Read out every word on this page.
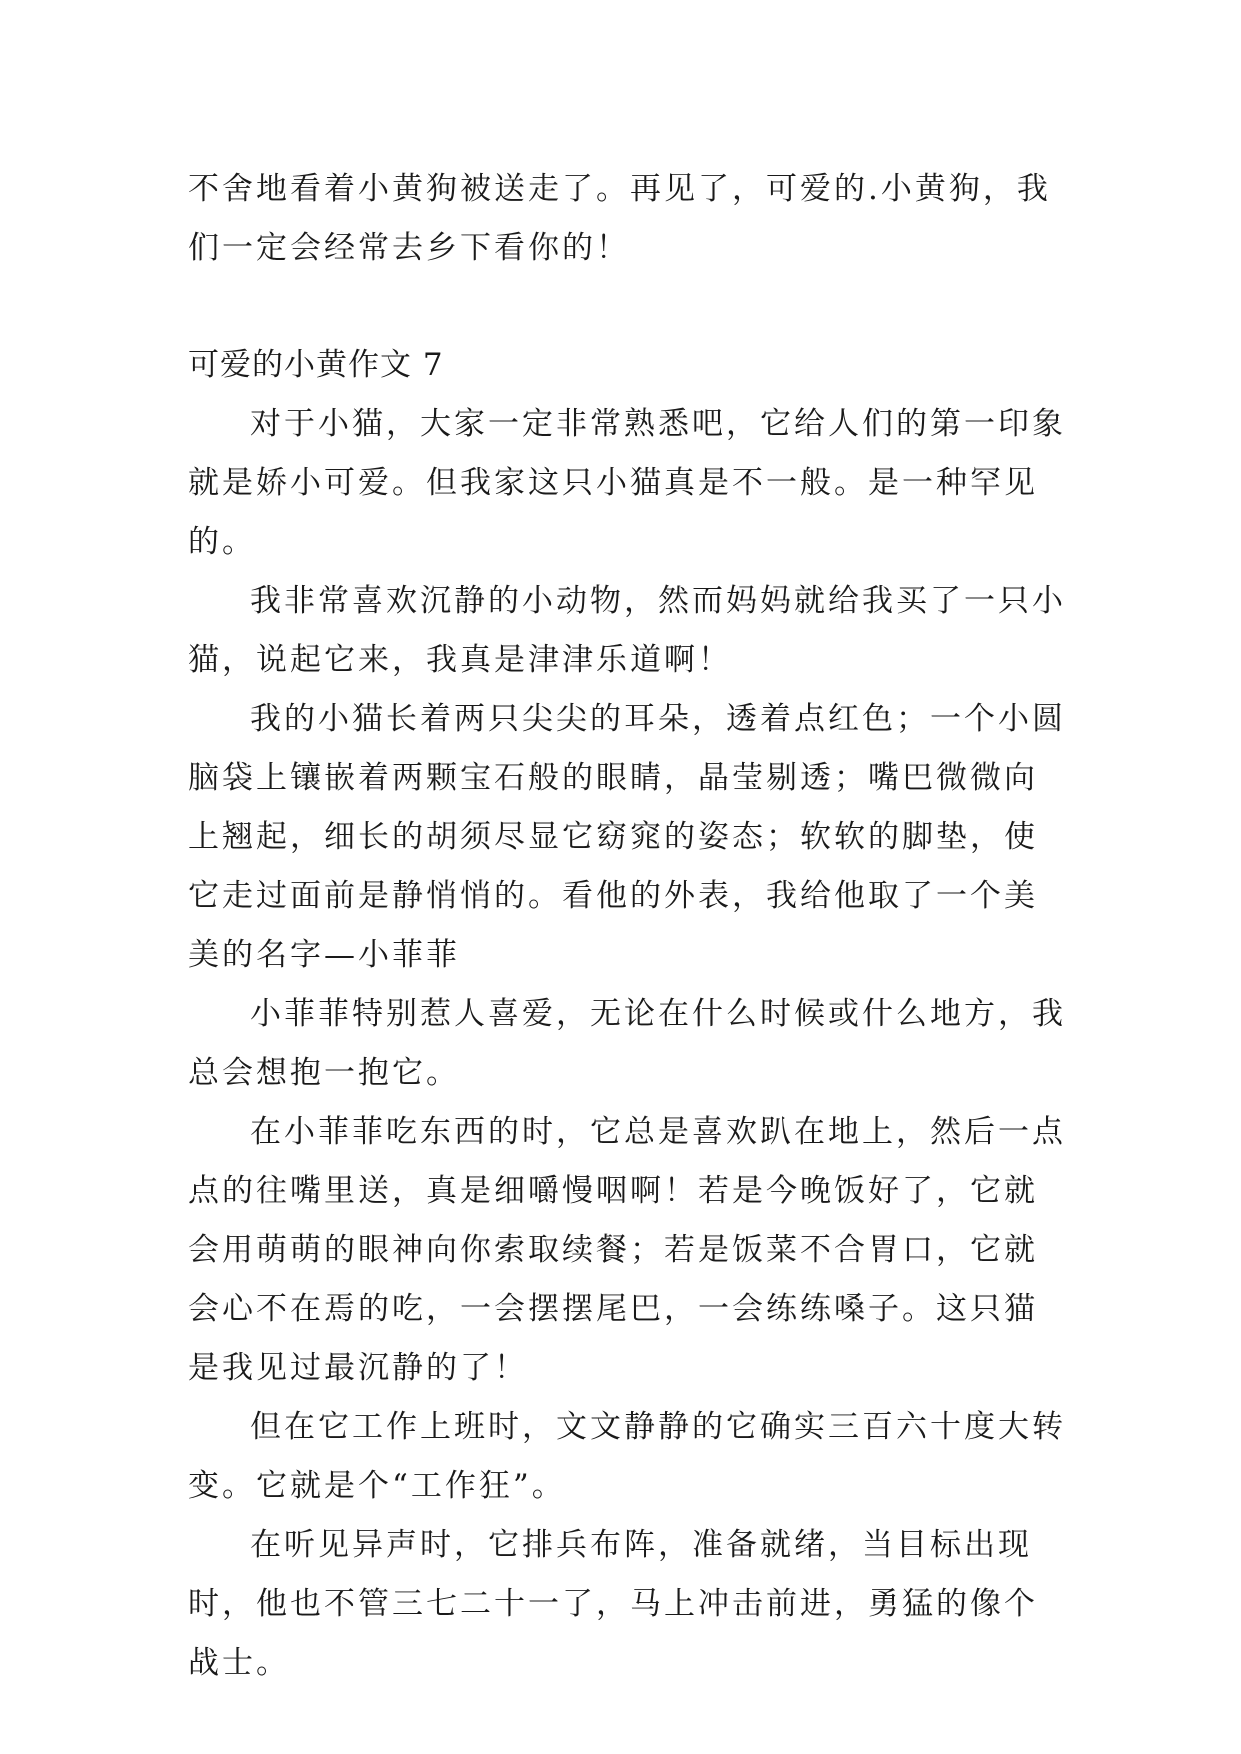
不舍地看着小黄狗被送走了。再见了，可爱的.小黄狗，我们一定会经常去乡下看你的！

可爱的小黄作文 7

对于小猫，大家一定非常熟悉吧，它给人们的第一印象就是娇小可爱。但我家这只小猫真是不一般。是一种罕见的。

我非常喜欢沉静的小动物，然而妈妈就给我买了一只小猫，说起它来，我真是津津乐道啊！

我的小猫长着两只尖尖的耳朵，透着点红色；一个小圆脑袋上镶嵌着两颗宝石般的眼睛，晶莹剔透；嘴巴微微向上翘起，细长的胡须尽显它窈窕的姿态；软软的脚垫，使它走过面前是静悄悄的。看他的外表，我给他取了一个美美的名字—小菲菲

小菲菲特别惹人喜爱，无论在什么时候或什么地方，我总会想抱一抱它。

在小菲菲吃东西的时，它总是喜欢趴在地上，然后一点点的往嘴里送，真是细嚼慢咽啊！若是今晚饭好了，它就会用萌萌的眼神向你索取续餐；若是饭菜不合胃口，它就会心不在焉的吃，一会摆摆尾巴，一会练练嗓子。这只猫是我见过最沉静的了！

但在它工作上班时，文文静静的它确实三百六十度大转变。它就是个“工作狂”。

在听见异声时，它排兵布阵，准备就绪，当目标出现时，他也不管三七二十一了，马上冲击前进，勇猛的像个战士。
